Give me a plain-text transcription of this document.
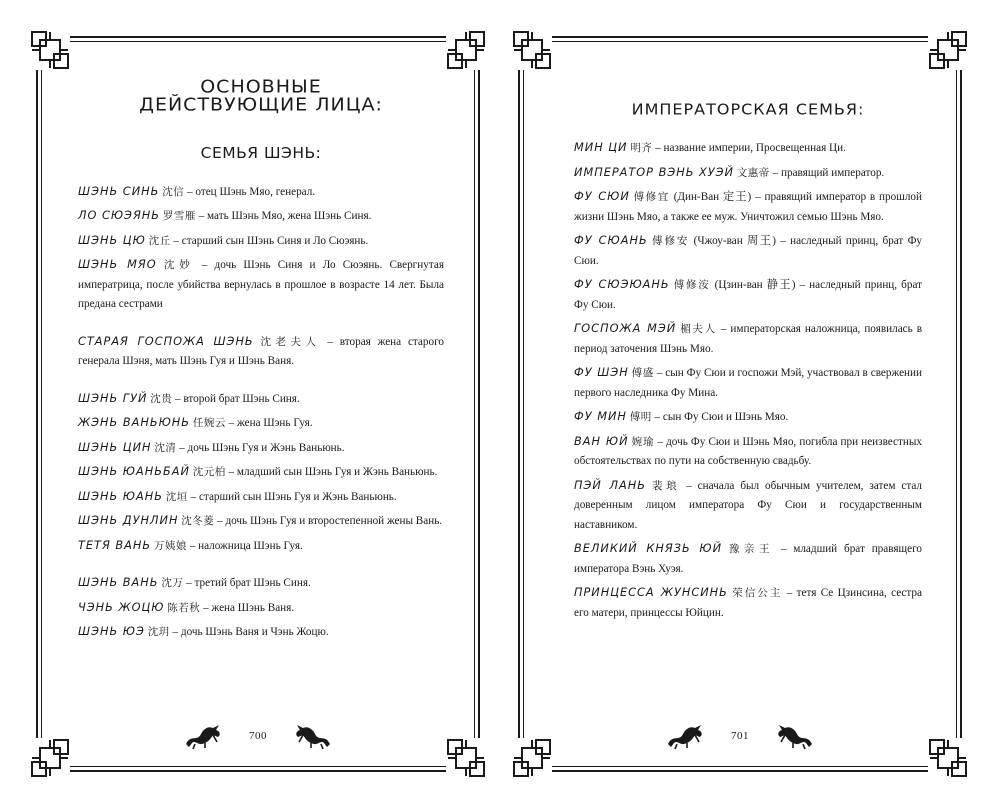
ОСНОВНЫЕ
ДЕЙСТВУЮЩИЕ ЛИЦА:
СЕМЬЯ ШЭНЬ:

ШЭНЬ СИНЬ 沈信 – отец Шэнь Мяо, генерал.

ЛО СЮЭЯНЬ 罗雪雁 – мать Шэнь Мяо, жена Шэнь Синя.

ШЭНЬ ЦЮ 沈丘 – старший сын Шэнь Синя и Ло Сюэянь.

ШЭНЬ МЯО 沈妙 – дочь Шэнь Синя и Ло Сюэянь. Свергнутая императрица, после убийства вернулась в прошлое в возрасте 14 лет. Была предана сестрами

СТАРАЯ ГОСПОЖА ШЭНЬ 沈老夫人 – вторая жена старого генерала Шэня, мать Шэнь Гуя и Шэнь Ваня.

ШЭНЬ ГУЙ 沈贵 – второй брат Шэнь Синя.

ЖЭНЬ ВАНЬЮНЬ 任婉云 – жена Шэнь Гуя.

ШЭНЬ ЦИН 沈清 – дочь Шэнь Гуя и Жэнь Ваньюнь.

ШЭНЬ ЮАНЬБАЙ 沈元柏 – младший сын Шэнь Гуя и Жэнь Ваньюнь.

ШЭНЬ ЮАНЬ 沈垣 – старший сын Шэнь Гуя и Жэнь Ваньюнь.

ШЭНЬ ДУНЛИН 沈冬菱 – дочь Шэнь Гуя и второстепенной жены Вань.

ТЕТЯ ВАНЬ 万姨娘 – наложница Шэнь Гуя.

ШЭНЬ ВАНЬ 沈万 – третий брат Шэнь Синя.

ЧЭНЬ ЖОЦЮ 陈若秋 – жена Шэнь Ваня.

ШЭНЬ ЮЭ 沈玥 – дочь Шэнь Ваня и Чэнь Жоцю.

700
ИМПЕРАТОРСКАЯ СЕМЬЯ:

МИН ЦИ 明齐 – название империи, Просвещенная Ци.

ИМПЕРАТОР ВЭНЬ ХУЭЙ 文惠帝 – правящий император.

ФУ СЮИ 傅修宜 (Дин-Ван 定王) – правящий император в прошлой жизни Шэнь Мяо, а также ее муж. Уничтожил семью Шэнь Мяо.

ФУ СЮАНЬ 傅修安 (Чжоу-ван 周王) – наследный принц, брат Фу Сюи.

ФУ СЮЭЮАНЬ 傅修洝 (Цзин-ван 静王) – наследный принц, брат Фу Сюи.

ГОСПОЖА МЭЙ 楣夫人 – императорская наложница, появилась в период заточения Шэнь Мяо.

ФУ ШЭН 傅盛 – сын Фу Сюи и госпожи Мэй, участвовал в свержении первого наследника Фу Мина.

ФУ МИН 傅明 – сын Фу Сюи и Шэнь Мяо.

ВАН ЮЙ 婉瑜 – дочь Фу Сюи и Шэнь Мяо, погибла при неизвестных обстоятельствах по пути на собственную свадьбу.

ПЭЙ ЛАНЬ 裴琅 – сначала был обычным учителем, затем стал доверенным лицом императора Фу Сюи и государственным наставником.

ВЕЛИКИЙ КНЯЗЬ ЮЙ 豫亲王 – младший брат правящего императора Вэнь Хуэя.

ПРИНЦЕССА ЖУНСИНЬ 荣信公主 – тетя Се Цзинсина, сестра его матери, принцессы Юйцин.

701
